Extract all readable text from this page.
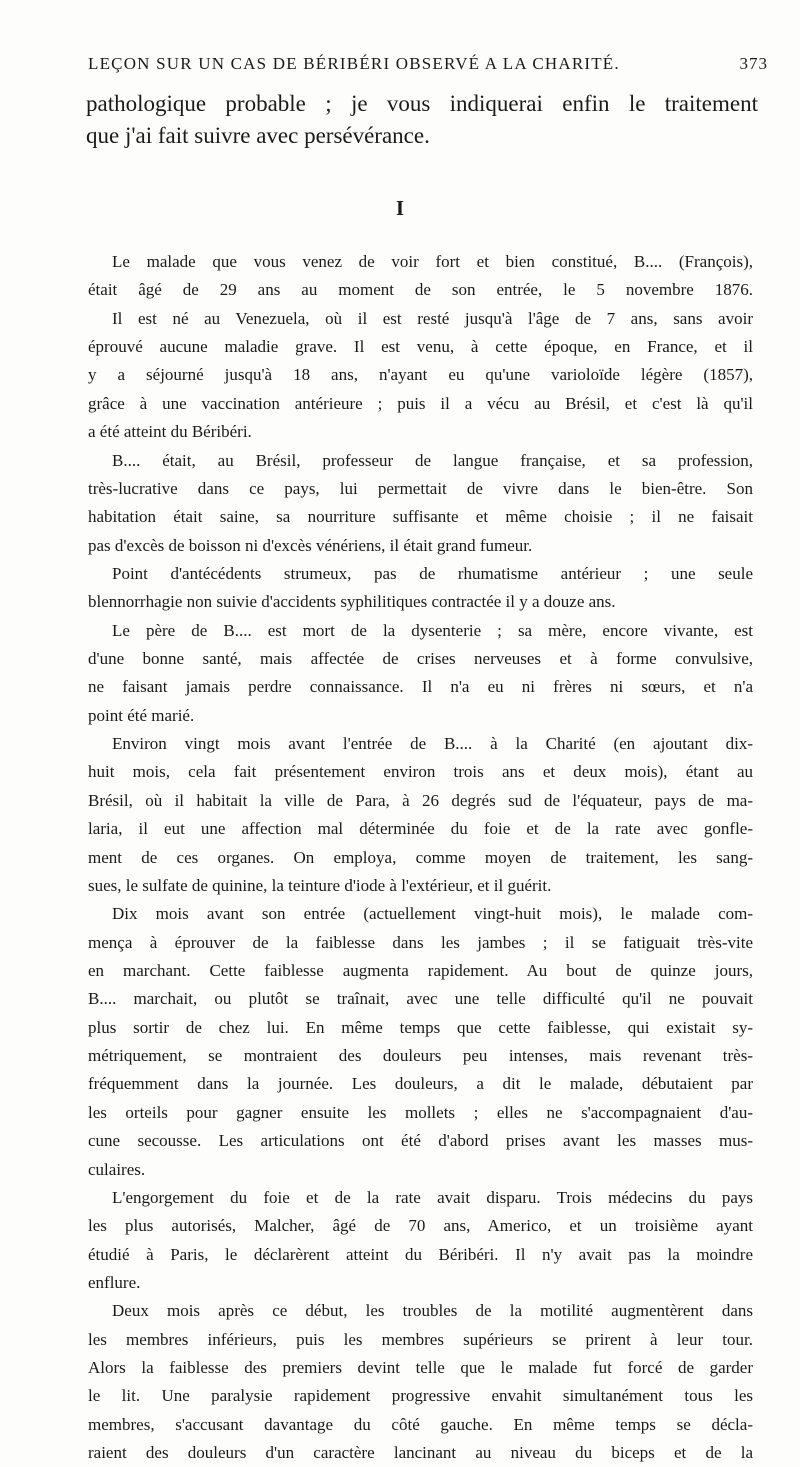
LEÇON SUR UN CAS DE BÉRIBÉRI OBSERVÉ A LA CHARITÉ.	373
pathologique probable ; je vous indiquerai enfin le traitement
que j'ai fait suivre avec persévérance.
I
Le malade que vous venez de voir fort et bien constitué, B.... (François),
était âgé de 29 ans au moment de son entrée, le 5 novembre 1876.
Il est né au Venezuela, où il est resté jusqu'à l'âge de 7 ans, sans avoir
éprouvé aucune maladie grave. Il est venu, à cette époque, en France, et il
y a séjourné jusqu'à 18 ans, n'ayant eu qu'une varioloïde légère (1857),
grâce à une vaccination antérieure ; puis il a vécu au Brésil, et c'est là qu'il
a été atteint du Béribéri.
B.... était, au Brésil, professeur de langue française, et sa profession,
très-lucrative dans ce pays, lui permettait de vivre dans le bien-être. Son
habitation était saine, sa nourriture suffisante et même choisie ; il ne faisait
pas d'excès de boisson ni d'excès vénériens, il était grand fumeur.
Point d'antécédents strumeux, pas de rhumatisme antérieur ; une seule
blennorrhagie non suivie d'accidents syphilitiques contractée il y a douze ans.
Le père de B.... est mort de la dysenterie ; sa mère, encore vivante, est
d'une bonne santé, mais affectée de crises nerveuses et à forme convulsive,
ne faisant jamais perdre connaissance. Il n'a eu ni frères ni sœurs, et n'a
point été marié.
Environ vingt mois avant l'entrée de B.... à la Charité (en ajoutant dix-
huit mois, cela fait présentement environ trois ans et deux mois), étant au
Brésil, où il habitait la ville de Para, à 26 degrés sud de l'équateur, pays de ma-
laria, il eut une affection mal déterminée du foie et de la rate avec gonfle-
ment de ces organes. On employa, comme moyen de traitement, les sang-
sues, le sulfate de quinine, la teinture d'iode à l'extérieur, et il guérit.
Dix mois avant son entrée (actuellement vingt-huit mois), le malade com-
mença à éprouver de la faiblesse dans les jambes ; il se fatiguait très-vite
en marchant. Cette faiblesse augmenta rapidement. Au bout de quinze jours,
B.... marchait, ou plutôt se traînait, avec une telle difficulté qu'il ne pouvait
plus sortir de chez lui. En même temps que cette faiblesse, qui existait sy-
métriquement, se montraient des douleurs peu intenses, mais revenant très-
fréquemment dans la journée. Les douleurs, a dit le malade, débutaient par
les orteils pour gagner ensuite les mollets ; elles ne s'accompagnaient d'au-
cune secousse. Les articulations ont été d'abord prises avant les masses mus-
culaires.
L'engorgement du foie et de la rate avait disparu. Trois médecins du pays
les plus autorisés, Malcher, âgé de 70 ans, Americo, et un troisième ayant
étudié à Paris, le déclarèrent atteint du Béribéri. Il n'y avait pas la moindre
enflure.
Deux mois après ce début, les troubles de la motilité augmentèrent dans
les membres inférieurs, puis les membres supérieurs se prirent à leur tour.
Alors la faiblesse des premiers devint telle que le malade fut forcé de garder
le lit. Une paralysie rapidement progressive envahit simultanément tous les
membres, s'accusant davantage du côté gauche. En même temps se décla-
raient des douleurs d'un caractère lancinant au niveau du biceps et de la
